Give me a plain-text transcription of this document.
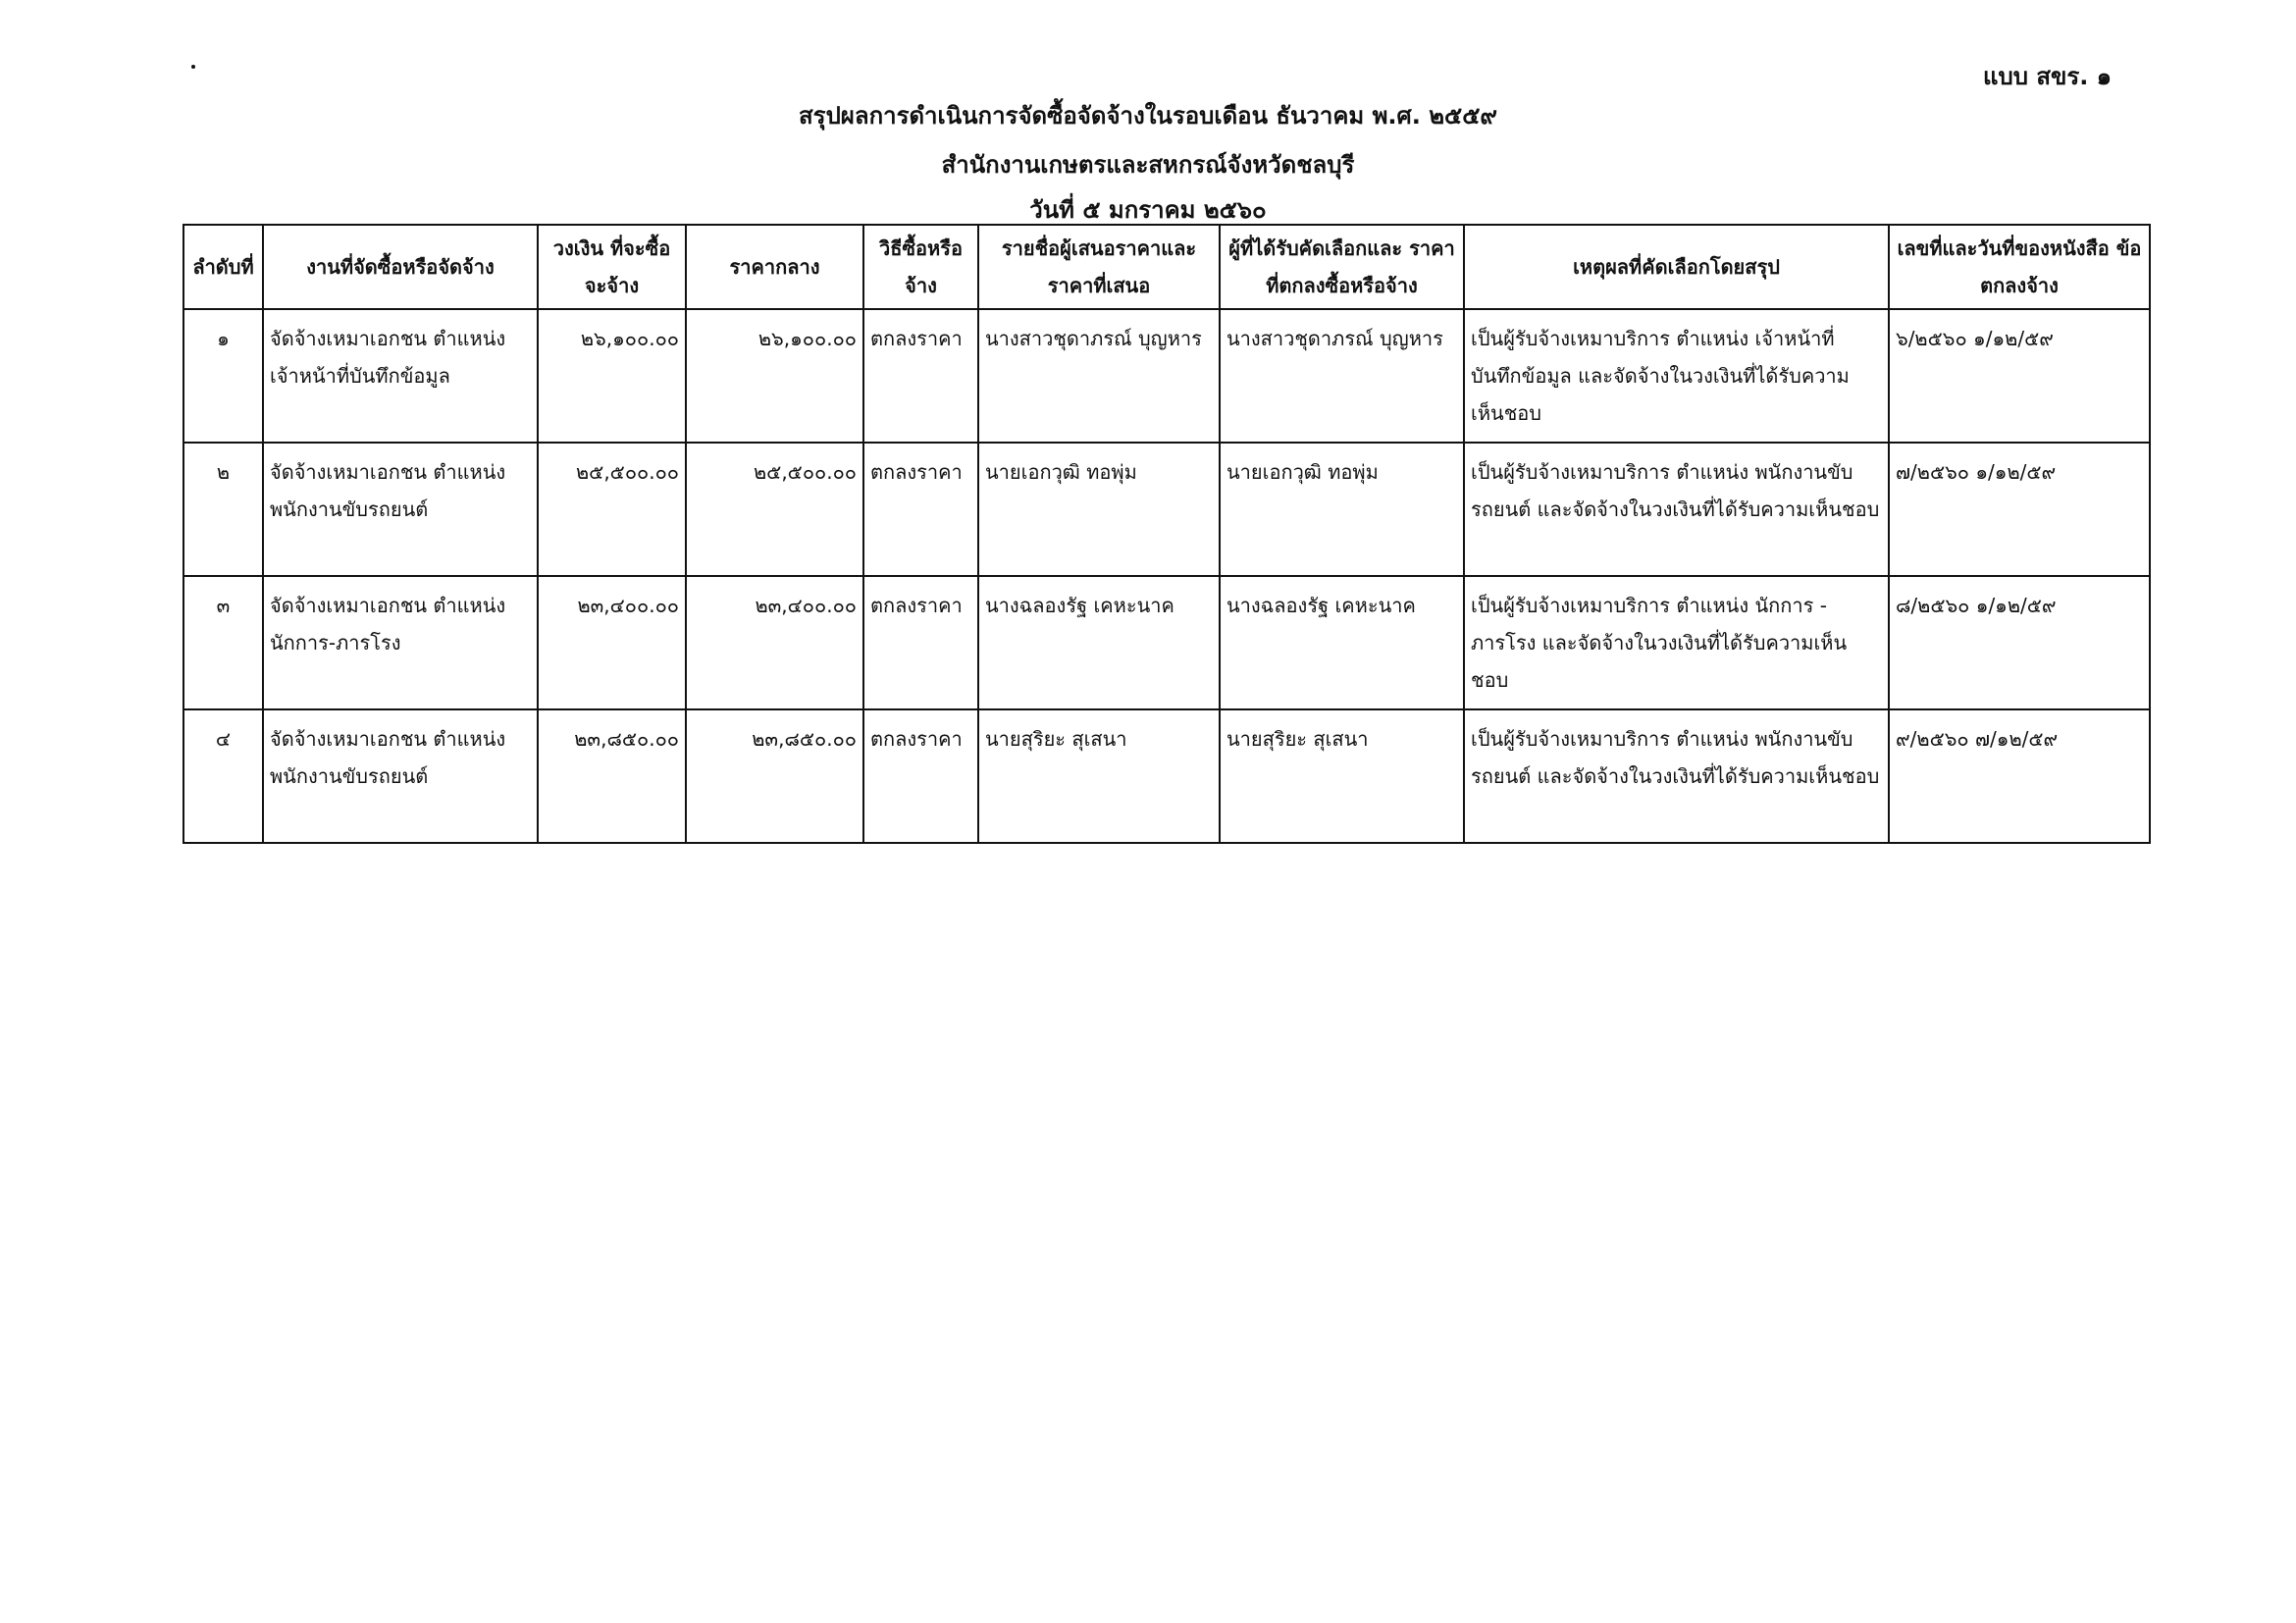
แบบ สขร. ๑
สรุปผลการดำเนินการจัดซื้อจัดจ้างในรอบเดือน ธันวาคม พ.ศ. ๒๕๕๙
สำนักงานเกษตรและสหกรณ์จังหวัดชลบุรี
วันที่ ๕ มกราคม ๒๕๖๐
ลำดับที่	งานที่จัดซื้อหรือจัดจ้าง	วงเงิน ที่จะซื้อจะจ้าง	ราคากลาง	วิธีซื้อหรือ จ้าง	รายชื่อผู้เสนอราคาและ ราคาที่เสนอ	ผู้ที่ได้รับคัดเลือกและ ราคาที่ตกลงซื้อหรือจ้าง	เหตุผลที่คัดเลือกโดยสรุป	เลขที่และวันที่ของหนังสือ ข้อตกลงจ้าง
๑	จัดจ้างเหมาเอกชน ตำแหน่ง เจ้าหน้าที่บันทึกข้อมูล	๒๖,๑๐๐.๐๐	๒๖,๑๐๐.๐๐	ตกลงราคา	นางสาวชุดาภรณ์ บุญหาร	นางสาวชุดาภรณ์ บุญหาร	เป็นผู้รับจ้างเหมาบริการ ตำแหน่ง เจ้าหน้าที่บันทึกข้อมูล และจัดจ้างในวงเงินที่ได้รับความเห็นชอบ	๖/๒๕๖๐ ๑/๑๒/๕๙
๒	จัดจ้างเหมาเอกชน ตำแหน่ง พนักงานขับรถยนต์	๒๕,๕๐๐.๐๐	๒๕,๕๐๐.๐๐	ตกลงราคา	นายเอกวุฒิ ทอพุ่ม	นายเอกวุฒิ ทอพุ่ม	เป็นผู้รับจ้างเหมาบริการ ตำแหน่ง พนักงานขับรถยนต์ และจัดจ้างในวงเงินที่ได้รับความเห็นชอบ	๗/๒๕๖๐ ๑/๑๒/๕๙
๓	จัดจ้างเหมาเอกชน ตำแหน่ง นักการ-ภารโรง	๒๓,๔๐๐.๐๐	๒๓,๔๐๐.๐๐	ตกลงราคา	นางฉลองรัฐ เคหะนาค	นางฉลองรัฐ เคหะนาค	เป็นผู้รับจ้างเหมาบริการ ตำแหน่ง นักการ - ภารโรง และจัดจ้างในวงเงินที่ได้รับความเห็นชอบ	๘/๒๕๖๐ ๑/๑๒/๕๙
๔	จัดจ้างเหมาเอกชน ตำแหน่ง พนักงานขับรถยนต์	๒๓,๘๕๐.๐๐	๒๓,๘๕๐.๐๐	ตกลงราคา	นายสุริยะ สุเสนา	นายสุริยะ สุเสนา	เป็นผู้รับจ้างเหมาบริการ ตำแหน่ง พนักงานขับรถยนต์ และจัดจ้างในวงเงินที่ได้รับความเห็นชอบ	๙/๒๕๖๐ ๗/๑๒/๕๙
